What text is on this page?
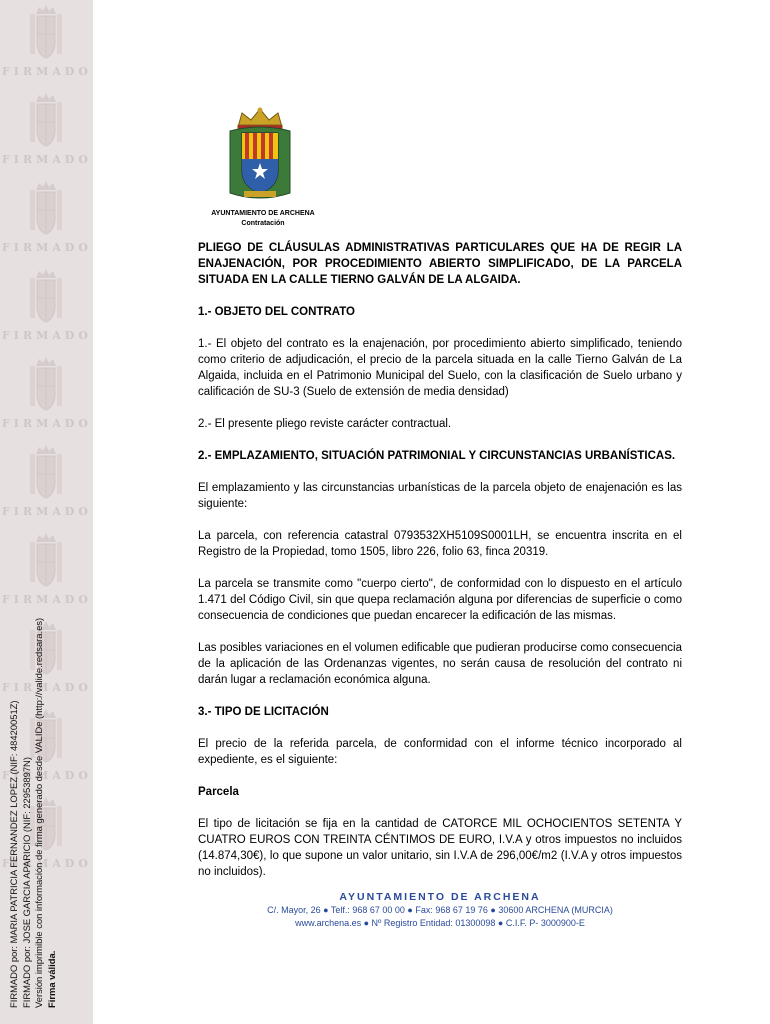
FIRMADO
FIRMADO
FIRMADO
FIRMADO
FIRMADO
FIRMADO
FIRMADO
FIRMADO
FIRMADO
FIRMADO
FIRMADO por: MARIA PATRICIA FERNANDEZ LOPEZ (NIF: 48420051Z) FIRMADO por: JOSE GARCIA APARICIO (NIF: 22953897N) Versión imprimible con información de firma generado desde VALIDe (http://valide.redsara.es) Firma válida.
AYUNTAMIENTO DE ARCHENA
Contratación
PLIEGO DE CLÁUSULAS ADMINISTRATIVAS PARTICULARES QUE HA DE REGIR LA ENAJENACIÓN, POR PROCEDIMIENTO ABIERTO SIMPLIFICADO, DE LA PARCELA SITUADA EN LA CALLE TIERNO GALVÁN DE LA ALGAIDA.
1.- OBJETO DEL CONTRATO

1.- El objeto del contrato es la enajenación, por procedimiento abierto simplificado, teniendo como criterio de adjudicación, el precio de la parcela situada en la calle Tierno Galván de La Algaida, incluida en el Patrimonio Municipal del Suelo, con la clasificación de Suelo urbano y calificación de SU-3 (Suelo de extensión de media densidad)

2.- El presente pliego reviste carácter contractual.

2.- EMPLAZAMIENTO, SITUACIÓN PATRIMONIAL Y CIRCUNSTANCIAS URBANÍSTICAS.

El emplazamiento y las circunstancias urbanísticas de la parcela objeto de enajenación es las siguiente:

La parcela, con referencia catastral 0793532XH5109S0001LH, se encuentra inscrita en el Registro de la Propiedad, tomo 1505, libro 226, folio 63, finca 20319.

La parcela se transmite como "cuerpo cierto", de conformidad con lo dispuesto en el artículo 1.471 del Código Civil, sin que quepa reclamación alguna por diferencias de superficie o como consecuencia de condiciones que puedan encarecer la edificación de las mismas.

Las posibles variaciones en el volumen edificable que pudieran producirse como consecuencia de la aplicación de las Ordenanzas vigentes, no serán causa de resolución del contrato ni darán lugar a reclamación económica alguna.

3.- TIPO DE LICITACIÓN

El precio de la referida parcela, de conformidad con el informe técnico incorporado al expediente, es el siguiente:

Parcela

El tipo de licitación se fija en la cantidad de CATORCE MIL OCHOCIENTOS SETENTA Y CUATRO EUROS CON TREINTA CÉNTIMOS DE EURO, I.V.A y otros impuestos no incluidos (14.874,30€), lo que supone un valor unitario, sin I.V.A de 296,00€/m2 (I.V.A y otros impuestos no incluidos).

AYUNTAMIENTO DE ARCHENA
C/. Mayor, 26 ● Telf.: 968 67 00 00 ● Fax: 968 67 19 76 ● 30600 ARCHENA (MURCIA)
www.archena.es ● Nº Registro Entidad: 01300098 ● C.I.F. P- 3000900-E
